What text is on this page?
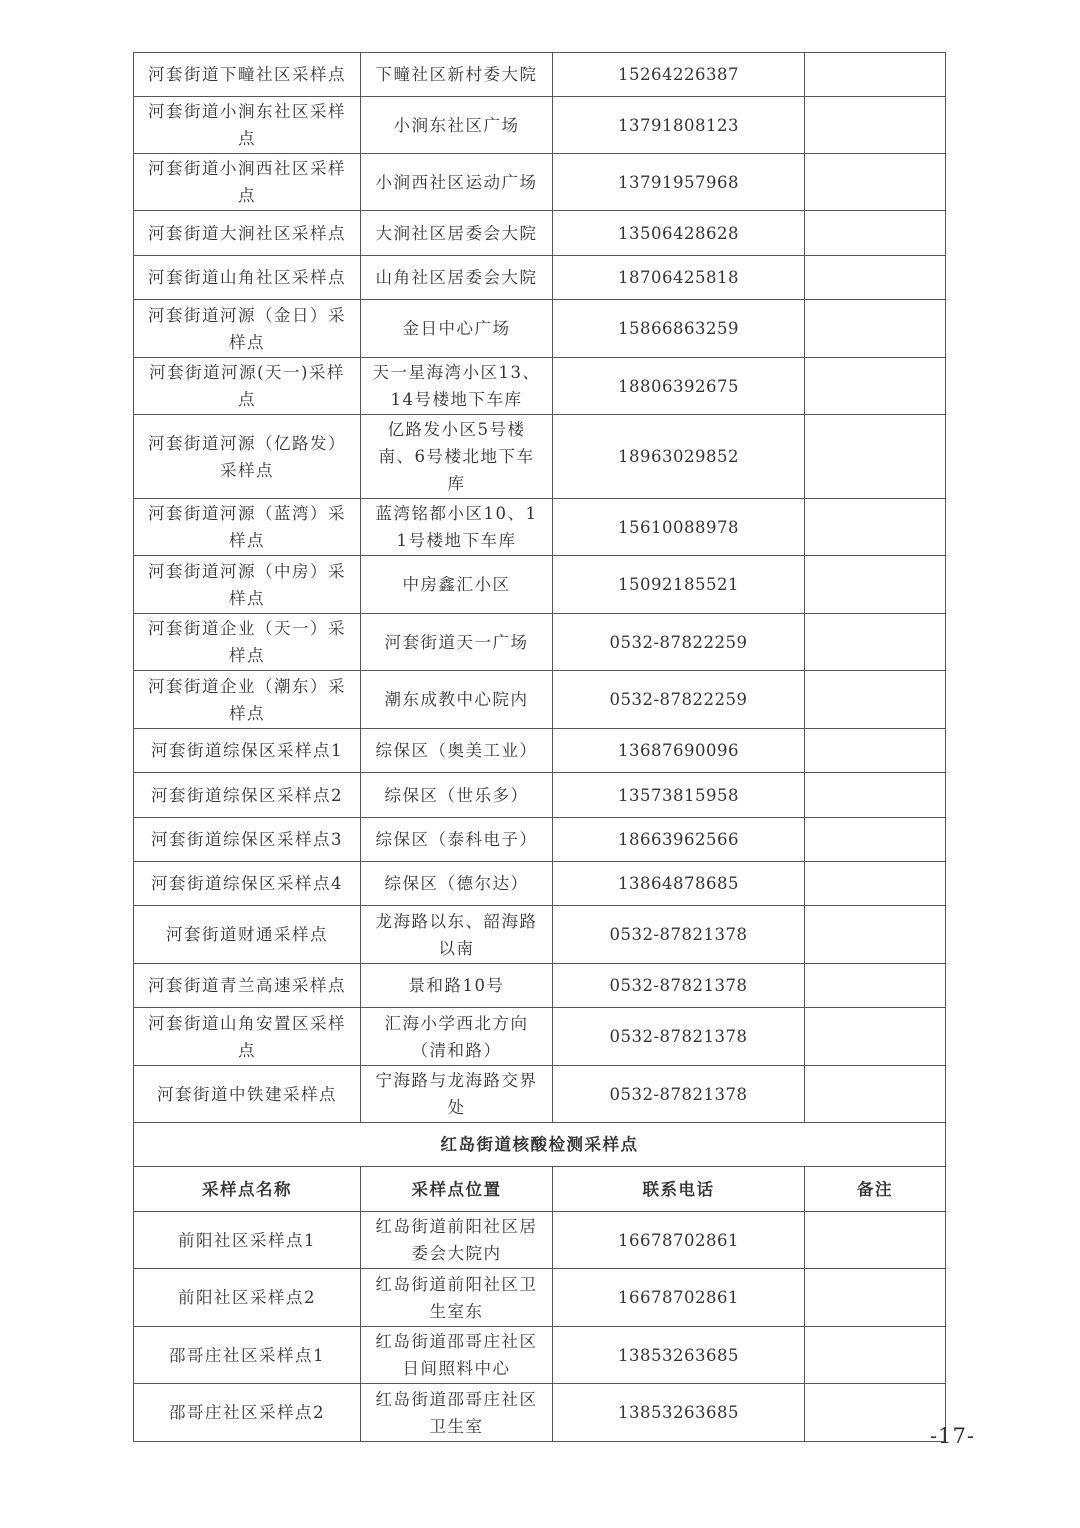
河套街道下疃社区采样点	下疃社区新村委大院	15264226387	
河套街道小涧东社区采样点	小涧东社区广场	13791808123	
河套街道小涧西社区采样点	小涧西社区运动广场	13791957968	
河套街道大涧社区采样点	大涧社区居委会大院	13506428628	
河套街道山角社区采样点	山角社区居委会大院	18706425818	
河套街道河源（金日）采样点	金日中心广场	15866863259	
河套街道河源(天一)采样点	天一星海湾小区13、14号楼地下车库	18806392675	
河套街道河源（亿路发）采样点	亿路发小区5号楼南、6号楼北地下车库	18963029852	
河套街道河源（蓝湾）采样点	蓝湾铭都小区10、11号楼地下车库	15610088978	
河套街道河源（中房）采样点	中房鑫汇小区	15092185521	
河套街道企业（天一）采样点	河套街道天一广场	0532-87822259	
河套街道企业（潮东）采样点	潮东成教中心院内	0532-87822259	
河套街道综保区采样点1	综保区（奥美工业）	13687690096	
河套街道综保区采样点2	综保区（世乐多）	13573815958	
河套街道综保区采样点3	综保区（泰科电子）	18663962566	
河套街道综保区采样点4	综保区（德尔达）	13864878685	
河套街道财通采样点	龙海路以东、韶海路以南	0532-87821378	
河套街道青兰高速采样点	景和路10号	0532-87821378	
河套街道山角安置区采样点	汇海小学西北方向（清和路）	0532-87821378	
河套街道中铁建采样点	宁海路与龙海路交界处	0532-87821378	
红岛街道核酸检测采样点			
采样点名称	采样点位置	联系电话	备注
前阳社区采样点1	红岛街道前阳社区居委会大院内	16678702861	
前阳社区采样点2	红岛街道前阳社区卫生室东	16678702861	
邵哥庄社区采样点1	红岛街道邵哥庄社区日间照料中心	13853263685	
邵哥庄社区采样点2	红岛街道邵哥庄社区卫生室	13853263685	
-17-
